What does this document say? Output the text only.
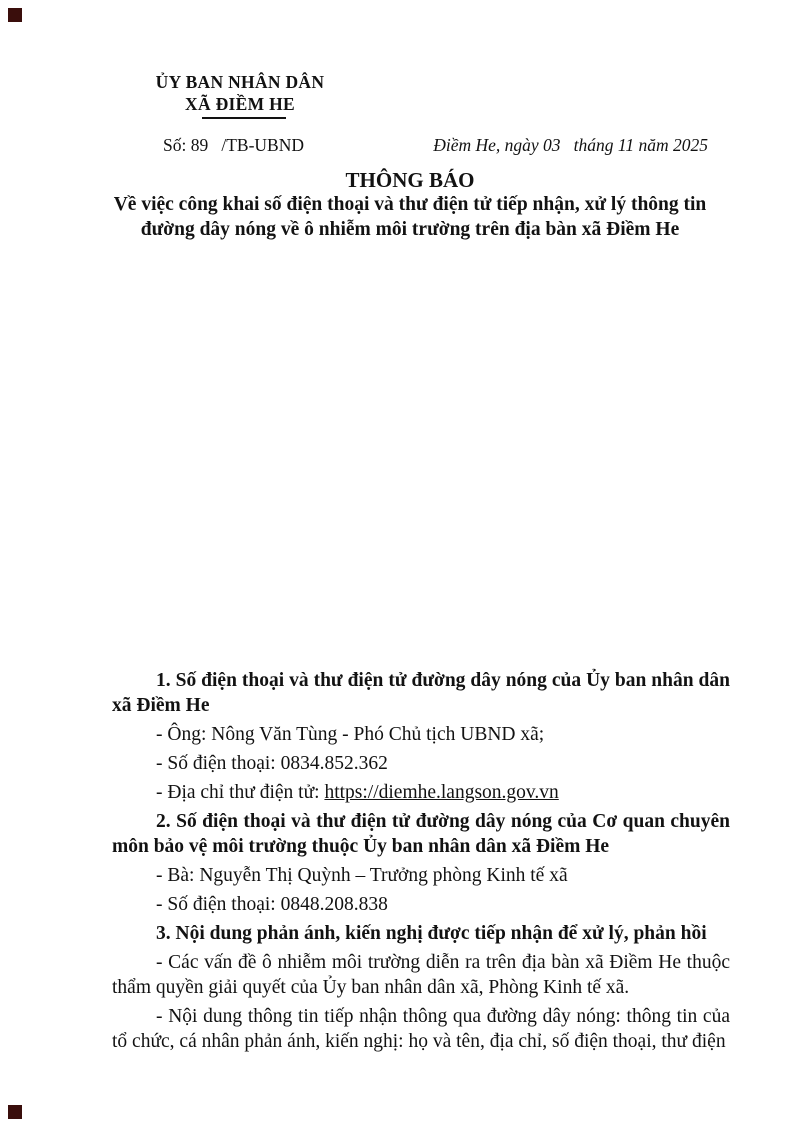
ỦY BAN NHÂN DÂN
XÃ ĐIỀM HE
Số: 89   /TB-UBND	Điềm He, ngày 03   tháng 11 năm 2025
THÔNG BÁO
Về việc công khai số điện thoại và thư điện tử tiếp nhận, xử lý thông tin đường dây nóng về ô nhiễm môi trường trên địa bàn xã Điềm He

1. Số điện thoại và thư điện tử đường dây nóng của Ủy ban nhân dân xã Điềm He

- Ông: Nông Văn Tùng - Phó Chủ tịch UBND xã;

- Số điện thoại: 0834.852.362

- Địa chỉ thư điện tử: https://diemhe.langson.gov.vn

2. Số điện thoại và thư điện tử đường dây nóng của Cơ quan chuyên môn bảo vệ môi trường thuộc Ủy ban nhân dân xã Điềm He

- Bà: Nguyễn Thị Quỳnh – Trưởng phòng Kinh tế xã

- Số điện thoại: 0848.208.838

3. Nội dung phản ánh, kiến nghị được tiếp nhận để xử lý, phản hồi

- Các vấn đề ô nhiễm môi trường diễn ra trên địa bàn xã Điềm He thuộc thẩm quyền giải quyết của Ủy ban nhân dân xã, Phòng Kinh tế xã.

- Nội dung thông tin tiếp nhận thông qua đường dây nóng: thông tin của tổ chức, cá nhân phản ánh, kiến nghị: họ và tên, địa chỉ, số điện thoại, thư điện
